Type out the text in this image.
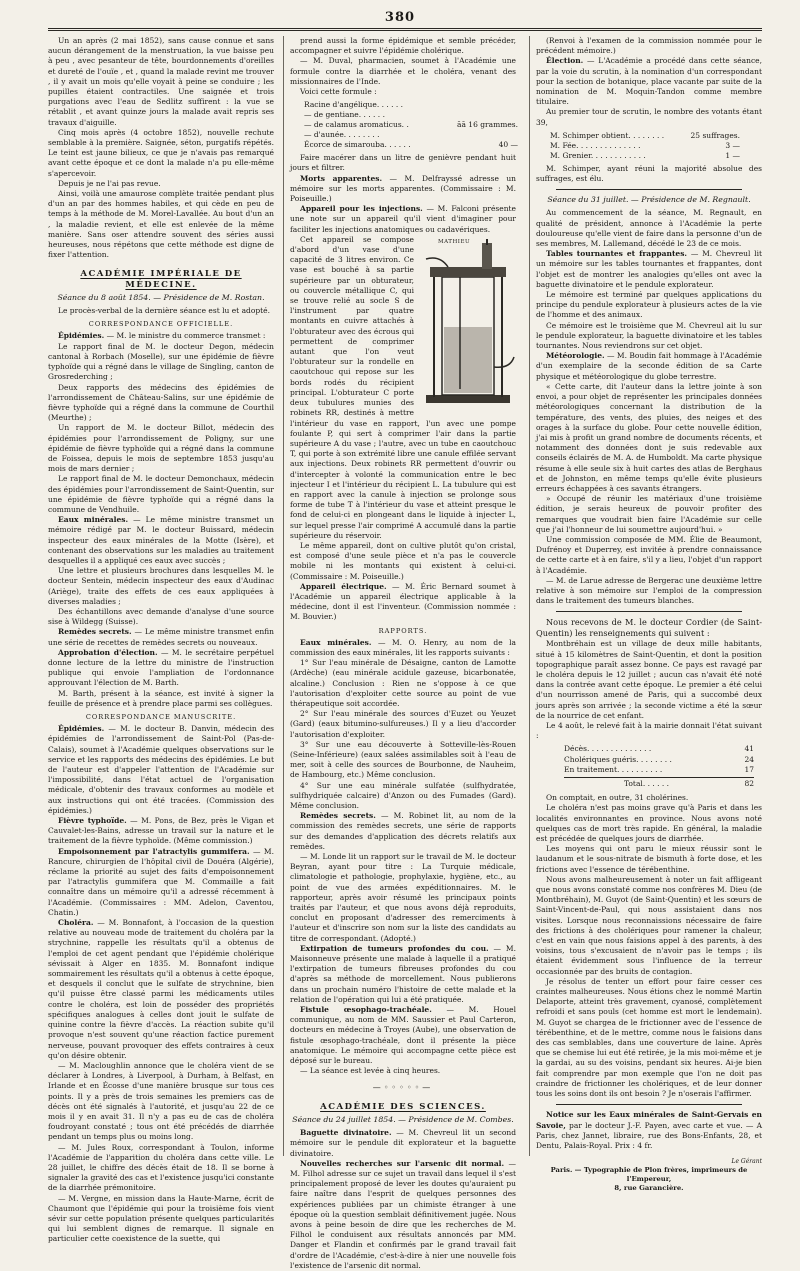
380

Un an après (2 mai 1852), sans cause connue et sans aucun dérangement de la menstruation, la vue baisse peu à peu , avec pesanteur de tête, bourdonnements d'oreilles et dureté de l'ouïe , et , quand la malade revint me trouver , il y avait un mois qu'elle voyait à peine se conduire ; les pupilles étaient contractiles. Une saignée et trois purgations avec l'eau de Sedlitz suffirent : la vue se rétablit , et avant quinze jours la malade avait repris ses travaux d'aiguille.

Cinq mois après (4 octobre 1852), nouvelle rechute semblable à la première. Saignée, séton, purgatifs répétés. Le teint est jaune bilieux, ce que je n'avais pas remarqué avant cette époque et ce dont la malade n'a pu elle-même s'apercevoir.

Depuis je ne l'ai pas revue.

Ainsi, voilà une amaurose complète traitée pendant plus d'un an par des hommes habiles, et qui cède en peu de temps à la méthode de M. Morel-Lavallée. Au bout d'un an , la maladie revient, et elle est enlevée de la même manière. Sans oser attendre souvent des séries aussi heureuses, nous répétons que cette méthode est digne de fixer l'attention.

ACADÉMIE IMPÉRIALE DE MÉDECINE.
Séance du 8 août 1854. — Présidence de M. Rostan.

Le procès-verbal de la dernière séance est lu et adopté.

CORRESPONDANCE OFFICIELLE.

Épidémies. — M. le ministre du commerce transmet :

Le rapport final de M. le docteur Degon, médecin cantonal à Rorbach (Moselle), sur une épidémie de fièvre typhoïde qui a régné dans le village de Singling, canton de Grosrederching ;

Deux rapports des médecins des épidémies de l'arrondissement de Château-Salins, sur une épidémie de fièvre typhoïde qui a régné dans la commune de Courthil (Meurthe) ;

Un rapport de M. le docteur Billot, médecin des épidémies pour l'arrondissement de Poligny, sur une épidémie de fièvre typhoïde qui a régné dans la commune de Foissea, depuis le mois de septembre 1853 jusqu'au mois de mars dernier ;

Le rapport final de M. le docteur Demonchaux, médecin des épidémies pour l'arrondissement de Saint-Quentin, sur une épidémie de fièvre typhoïde qui a régné dans la commune de Vendhuile.

Eaux minérales. — Le même ministre transmet un mémoire rédigé par M. le docteur Buissard, médecin inspecteur des eaux minérales de la Motte (Isère), et contenant des observations sur les maladies au traitement desquelles il a appliqué ces eaux avec succès ;

Une lettre et plusieurs brochures dans lesquelles M. le docteur Sentein, médecin inspecteur des eaux d'Audinac (Ariège), traite des effets de ces eaux appliquées à diverses maladies ;

Des échantillons avec demande d'analyse d'une source sise à Wildegg (Suisse).

Remèdes secrets. — Le même ministre transmet enfin une série de recettes de remèdes secrets ou nouveaux.

Approbation d'élection. — M. le secrétaire perpétuel donne lecture de la lettre du ministre de l'instruction publique qui envoie l'ampliation de l'ordonnance approuvant l'élection de M. Barth.

M. Barth, présent à la séance, est invité à signer la feuille de présence et à prendre place parmi ses collègues.

CORRESPONDANCE MANUSCRITE.

Épidémies. — M. le docteur B. Danvin, médecin des épidémies de l'arrondissement de Saint-Pol (Pas-de-Calais), soumet à l'Académie quelques observations sur le service et les rapports des médecins des épidémies. Le but de l'auteur est d'appeler l'attention de l'Académie sur l'impossibilité, dans l'état actuel de l'organisation médicale, d'obtenir des travaux conformes au modèle et aux instructions qui ont été tracées. (Commission des épidémies.)

Fièvre typhoïde. — M. Pons, de Bez, près le Vigan et Cauvalet-les-Bains, adresse un travail sur la nature et le traitement de la fièvre typhoïde. (Même commission.)

Empoisonnement par l'atractylis gummifera. — M. Rancure, chirurgien de l'hôpital civil de Douéra (Algérie), réclame la priorité au sujet des faits d'empoisonnement par l'atractylis gummifera que M. Commaille a fait connaître dans un mémoire qu'il a adressé récemment à l'Académie. (Commissaires : MM. Adelon, Caventou, Chatin.)

Choléra. — M. Bonnafont, à l'occasion de la question relative au nouveau mode de traitement du choléra par la strychnine, rappelle les résultats qu'il a obtenus de l'emploi de cet agent pendant que l'épidémie cholérique sévissait à Alger en 1835. M. Bonnafont indique sommairement les résultats qu'il a obtenus à cette époque, et desquels il conclut que le sulfate de strychnine, bien qu'il puisse être classé parmi les médicaments utiles contre le choléra, est loin de posséder des propriétés spécifiques analogues à celles dont jouit le sulfate de quinine contre la fièvre d'accès. La réaction subite qu'il provoque n'est souvent qu'une réaction factice purement nerveuse, pouvant provoquer des effets contraires à ceux qu'on désire obtenir.

— M. Macloughlin annonce que le choléra vient de se déclarer à Londres, à Liverpool, à Durham, à Belfast, en Irlande et en Écosse d'une manière brusque sur tous ces points. Il y a près de trois semaines les premiers cas de décès ont été signalés à l'autorité, et jusqu'au 22 de ce mois il y en avait 31. Il n'y a pas eu de cas de choléra foudroyant constaté ; tous ont été précédés de diarrhée pendant un temps plus ou moins long.

— M. Jules Roux, correspondant à Toulon, informe l'Académie de l'apparition du choléra dans cette ville. Le 28 juillet, le chiffre des décès était de 18. Il se borne à signaler la gravité des cas et l'existence jusqu'ici constante de la diarrhée prémonitoire.

— M. Vergne, en mission dans la Haute-Marne, écrit de Chaumont que l'épidémie qui pour la troisième fois vient sévir sur cette population présente quelques particularités qui lui semblent dignes de remarque. Il signale en particulier cette coexistence de la suette, qui

prend aussi la forme épidémique et semble précéder, accompagner et suivre l'épidémie cholérique.

— M. Duval, pharmacien, soumet à l'Académie une formule contre la diarrhée et le choléra, venant des missionnaires de l'Inde.

Voici cette formule :

Racine d'angélique. . . . . .
— de gentiane. . . . . .
— de calamus aromaticus. .	āā 16 grammes.
— d'aunée. . . . . . . .
Écorce de simarouba. . . . . .	40 —

Faire macérer dans un litre de genièvre pendant huit jours et filtrer.

Morts apparentes. — M. Delfrayssé adresse un mémoire sur les morts apparentes. (Commissaire : M. Poiseuille.)

Appareil pour les injections. — M. Falconi présente une note sur un appareil qu'il vient d'imaginer pour faciliter les injections anatomiques ou cadavériques.

MATHIEU

Cet appareil se compose d'abord d'un vase d'une capacité de 3 litres environ. Ce vase est bouché à sa partie supérieure par un obturateur, ou couvercle métallique C, qui se trouve relié au socle S de l'instrument par quatre montants en cuivre attachés à l'obturateur avec des écrous qui permettent de comprimer autant que l'on veut l'obturateur sur la rondelle en caoutchouc qui repose sur les bords rodés du récipient principal. L'obturateur C porte deux tubulures munies des robinets RR, destinés à mettre l'intérieur du vase en rapport, l'un avec une pompe foulante P, qui sert à comprimer l'air dans la partie supérieure A du vase ; l'autre, avec un tube en caoutchouc T, qui porte à son extrémité libre une canule effilée servant aux injections. Deux robinets RR permettent d'ouvrir ou d'intercepter à volonté la communication entre le bec injecteur I et l'intérieur du récipient L. La tubulure qui est en rapport avec la canule à injection se prolonge sous forme de tube T à l'intérieur du vase et atteint presque le fond de celui-ci en plongeant dans le liquide à injecter L, sur lequel presse l'air comprimé A accumulé dans la partie supérieure du réservoir.

Le même appareil, dont on cultive plutôt qu'on cristal, est composé d'une seule pièce et n'a pas le couvercle mobile ni les montants qui existent à celui-ci. (Commissaire : M. Poiseuille.)

Appareil électrique. — M. Éric Bernard soumet à l'Académie un appareil électrique applicable à la médecine, dont il est l'inventeur. (Commission nommée : M. Bouvier.)

RAPPORTS.

Eaux minérales. — M. O. Henry, au nom de la commission des eaux minérales, lit les rapports suivants :

1° Sur l'eau minérale de Désaigne, canton de Lamotte (Ardèche) (eau minérale acidule gazeuse, bicarbonatée, alcaline.) Conclusion : Rien ne s'oppose à ce que l'autorisation d'exploiter cette source au point de vue thérapeutique soit accordée.

2° Sur l'eau minérale des sources d'Euzet ou Yeuzet (Gard) (eaux bitumino-sulfureuses.) Il y a lieu d'accorder l'autorisation d'exploiter.

3° Sur une eau découverte à Sotteville-lès-Rouen (Seine-Inférieure) (eaux salées assimilables soit à l'eau de mer, soit à celle des sources de Bourbonne, de Nauheim, de Hambourg, etc.) Même conclusion.

4° Sur une eau minérale sulfatée (sulfhydratée, sulfhydriquée calcaire) d'Anzon ou des Fumades (Gard). Même conclusion.

Remèdes secrets. — M. Robinet lit, au nom de la commission des remèdes secrets, une série de rapports sur des demandes d'application des décrets relatifs aux remèdes.

— M. Londe lit un rapport sur le travail de M. le docteur Beyran, ayant pour titre : La Turquie médicale, climatologie et pathologie, prophylaxie, hygiène, etc., au point de vue des armées expéditionnaires. M. le rapporteur, après avoir résumé les principaux points traités par l'auteur, et que nous avons déjà reproduits, conclut en proposant d'adresser des remerciments à l'auteur et d'inscrire son nom sur la liste des candidats au titre de correspondant. (Adopté.)

Extirpation de tumeurs profondes du cou. — M. Maisonneuve présente une malade à laquelle il a pratiqué l'extirpation de tumeurs fibreuses profondes du cou d'après sa méthode de morcellement. Nous publierons dans un prochain numéro l'histoire de cette malade et la relation de l'opération qui lui a été pratiquée.

Fistule œsophago-trachéale. — M. Houel communique, au nom de MM. Saussier et Paul Carteron, docteurs en médecine à Troyes (Aube), une observation de fistule œsophago-trachéale, dont il présente la pièce anatomique. Le mémoire qui accompagne cette pièce est déposé sur le bureau.

— La séance est levée à cinq heures.

—◦◦◦◦◦—
ACADÉMIE DES SCIENCES.
Séance du 24 juillet 1854. — Présidence de M. Combes.

Baguette divinatoire. — M. Chevreul lit un second mémoire sur le pendule dit explorateur et la baguette divinatoire.

Nouvelles recherches sur l'arsenic dit normal. — M. Filhol adresse sur ce sujet un travail dans lequel il s'est principalement proposé de lever les doutes qu'auraient pu faire naître dans l'esprit de quelques personnes des expériences publiées par un chimiste étranger à une époque où la question semblait définitivement jugée. Nous avons à peine besoin de dire que les recherches de M. Filhol le conduisent aux résultats annoncés par MM. Danger et Flandin et confirmés par le grand travail fait d'ordre de l'Académie, c'est-à-dire à nier une nouvelle fois l'existence de l'arsenic dit normal.

(Renvoi à l'examen de la commission nommée pour le précédent mémoire.)

Élection. — L'Académie a procédé dans cette séance, par la voie du scrutin, à la nomination d'un correspondant pour la section de botanique, place vacante par suite de la nomination de M. Moquin-Tandon comme membre titulaire.

Au premier tour de scrutin, le nombre des votants étant 39,

M. Schimper obtient. . . . . . . .	25 suffrages.
M. Fée. . . . . . . . . . . . . .	3 —
M. Grenier. . . . . . . . . . . .	1 —

M. Schimper, ayant réuni la majorité absolue des suffrages, est élu.

Séance du 31 juillet. — Présidence de M. Regnault.

Au commencement de la séance, M. Regnault, en qualité de président, annonce à l'Académie la perte douloureuse qu'elle vient de faire dans la personne d'un de ses membres, M. Lallemand, décédé le 23 de ce mois.

Tables tournantes et frappantes. — M. Chevreul lit un mémoire sur les tables tournantes et frappantes, dont l'objet est de montrer les analogies qu'elles ont avec la baguette divinatoire et le pendule explorateur.

Le mémoire est terminé par quelques applications du principe du pendule explorateur à plusieurs actes de la vie de l'homme et des animaux.

Ce mémoire est le troisième que M. Chevreul ait lu sur le pendule explorateur, la baguette divinatoire et les tables tournantes. Nous reviendrons sur cet objet.

Météorologie. — M. Boudin fait hommage à l'Académie d'un exemplaire de la seconde édition de sa Carte physique et météorologique du globe terrestre.

« Cette carte, dit l'auteur dans la lettre jointe à son envoi, a pour objet de représenter les principales données météorologiques concernant la distribution de la température, des vents, des pluies, des neiges et des orages à la surface du globe. Pour cette nouvelle édition, j'ai mis à profit un grand nombre de documents récents, et notamment des données dont je suis redevable aux conseils éclairés de M. A. de Humboldt. Ma carte physique résume à elle seule six à huit cartes des atlas de Berghaus et de Johnston, en même temps qu'elle évite plusieurs erreurs échappées à ces savants étrangers.

» Occupé de réunir les matériaux d'une troisième édition, je serais heureux de pouvoir profiter des remarques que voudrait bien faire l'Académie sur celle que j'ai l'honneur de lui soumettre aujourd'hui. »

Une commission composée de MM. Élie de Beaumont, Dufrénoy et Duperrey, est invitée à prendre connaissance de cette carte et à en faire, s'il y a lieu, l'objet d'un rapport à l'Académie.

— M. de Larue adresse de Bergerac une deuxième lettre relative à son mémoire sur l'emploi de la compression dans le traitement des tumeurs blanches.

Nous recevons de M. le docteur Cordier (de Saint-Quentin) les renseignements qui suivent :

Montbréhain est un village de deux mille habitants, situé à 15 kilomètres de Saint-Quentin, et dont la position topographique paraît assez bonne. Ce pays est ravagé par le choléra depuis le 12 juillet ; aucun cas n'avait été noté dans la contrée avant cette époque. Le premier a été celui d'un nourrisson amené de Paris, qui a succombé deux jours après son arrivée ; la seconde victime a été la sœur de la nourrice de cet enfant.

Le 4 août, le relevé fait à la mairie donnait l'état suivant :

Décès. . . . . . . . . . . . . .	41
Cholériques guéris. . . . . . . .	24
En traitement. . . . . . . . . .	17
Total. . . . . .	82

On comptait, en outre, 31 cholérines.

Le choléra n'est pas moins grave qu'à Paris et dans les localités environnantes en province. Nous avons noté quelques cas de mort très rapide. En général, la maladie est précédée de quelques jours de diarrhée.

Les moyens qui ont paru le mieux réussir sont le laudanum et le sous-nitrate de bismuth à forte dose, et les frictions avec l'essence de térébenthine.

Nous avons malheureusement à noter un fait affligeant que nous avons constaté comme nos confrères M. Dieu (de Montbréhain), M. Guyot (de Saint-Quentin) et les sœurs de Saint-Vincent-de-Paul, qui nous assistaient dans nos visites. Lorsque nous reconnaissions nécessaire de faire des frictions à des cholériques pour ramener la chaleur, c'est en vain que nous faisions appel à des parents, à des voisins, tous s'excusaient de n'avoir pas le temps ; ils étaient évidemment sous l'influence de la terreur occasionnée par des bruits de contagion.

Je résolus de tenter un effort pour faire cesser ces craintes malheureuses. Nous étions chez le nommé Martin Delaporte, atteint très gravement, cyanosé, complètement refroidi et sans pouls (cet homme est mort le lendemain). M. Guyot se chargea de le frictionner avec de l'essence de térébenthine, et de le mettre, comme nous le faisions dans des cas semblables, dans une couverture de laine. Après que se chemise lui eut été retirée, je la mis moi-même et je la gardai, au su des voisins, pendant six heures. Ai-je bien fait comprendre par mon exemple que l'on ne doit pas craindre de frictionner les cholériques, et de leur donner tous les soins dont ils ont besoin ? Je n'oserais l'affirmer.

Notice sur les Eaux minérales de Saint-Gervais en Savoie, par le docteur J.-F. Payen, avec carte et vue. — A Paris, chez Jannet, libraire, rue des Bons-Enfants, 28, et Dentu, Palais-Royal. Prix : 4 fr.

Le Gérant
Paris. — Typographie de Plon frères, imprimeurs de l'Empereur,
8, rue Garancière.
